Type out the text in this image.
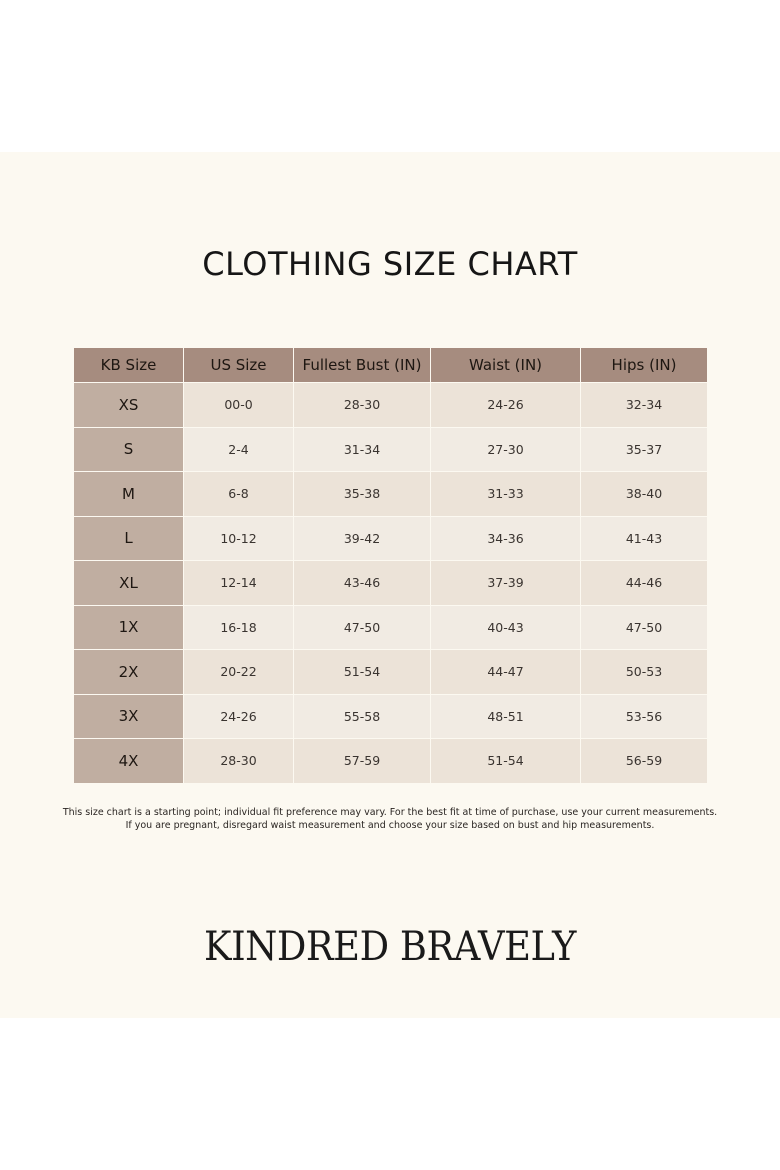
CLOTHING SIZE CHART
KB Size	US Size	Fullest Bust (IN)	Waist (IN)	Hips (IN)
XS	00-0	28-30	24-26	32-34
S	2-4	31-34	27-30	35-37
M	6-8	35-38	31-33	38-40
L	10-12	39-42	34-36	41-43
XL	12-14	43-46	37-39	44-46
1X	16-18	47-50	40-43	47-50
2X	20-22	51-54	44-47	50-53
3X	24-26	55-58	48-51	53-56
4X	28-30	57-59	51-54	56-59
This size chart is a starting point; individual fit preference may vary. For the best fit at time of purchase, use your current measurements.
If you are pregnant, disregard waist measurement and choose your size based on bust and hip measurements.
KINDRED BRAVELY
